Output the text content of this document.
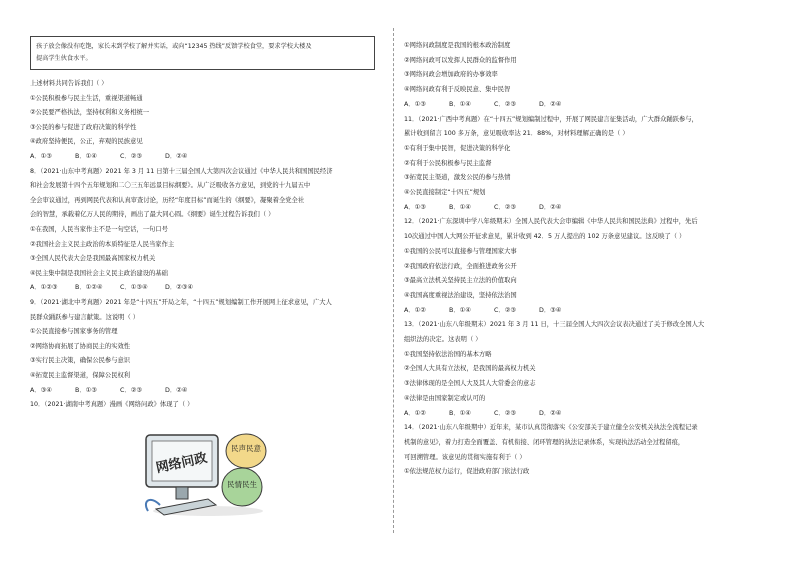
孩子放会像没有吃饱，家长未到学校了解并实话，或向“12345 热线”反馈学校食堂，要求学校大楼及
提高学生伙食水平。
上述材料共同告诉我们（ ）
①公民积极参与民主生活，重视渠道畅通
②公民要严格执法，坚持权利和义务相统一
③公民的参与促进了政府决策的科学性
④政府坚持便民，公正，弃观的民族意见
A．①③	B．①④	C．②③	D．②④
8．（2021·山东中考真题）2021 年 3 月 11 日第十三届全国人大第四次会议通过《中华人民共和国国民经济
和社会发展第十四个五年规划和二〇三五年远景目标纲要》。从广泛吸收各方意见，到党的十九届五中
全会审议通过，再到网民代表和认真审查讨论，历经“年度目标”而诞生的《纲要》，凝聚着全党全社
会的智慧，承载着亿万人民的期待，画出了最大同心圆。《纲要》诞生过程告诉我们（ ）
①在我国，人民当家作主不是一句空话，一句口号
②我国社会主义民主政治的本质特征是人民当家作主
③全国人民代表大会是我国最高国家权力机关
④民主集中制是我国社会主义民主政治建设的基础
A．①②③	B．①②④	C．①③④	D．②③④
9．（2021·湖北中考真题）2021 年是“十四五”开局之年，“十四五”规划编制工作开展网上征求意见，广大人
民群众踊跃参与建言献策。这说明（ ）
①公民直接参与国家事务的管理
②网络协商拓展了协商民主的实效性
③实行民主决策，确保公民参与意识
④拓宽民主监督渠道，保障公民权利
A．③④	B．①③	C．②③	D．②④
10．（2021·湖南中考真题）漫画《网络问政》体现了（ ）
①网络问政制度是我国的根本政治制度
②网络问政可以发挥人民群众的监督作用
③网络问政会增加政府的办事效率
④网络问政有利于反映民意、集中民智
A．①③	B．①④	C．②③	D．②④
11．（2021·广西中考真题）在“十四五”规划编制过程中，开展了网民建言征集活动，广大群众踊跃参与，
累计收到留言 100 多万条，意见吸收率达 21．88%，对材料理解正确的是（ ）
①有利于集中民智，促进决策的科学化
②有利于公民积极参与民主监督
③拓宽民主渠道，激发公民的参与热情
④公民直接制定“十四五”规划
A．①③	B．①④	C．②③	D．②④
12．（2021·广东深圳中学八年级期末）全国人民代表大会审编辑《中华人民共和国民法典》过程中，先后
10次通过中国人大网公开征求意见，累计收到 42．5 万人提出的 102 万条意见建议。这反映了（ ）
①我国的公民可以直接参与管理国家大事
②我国政府依法行政，全面推进政务公开
③最高立法机关坚持民主立法的价值取向
④我国高度重视法治建设，坚持依法治国
A．①②	B．①④	C．②③	D．③④
13．（2021·山东八年级期末）2021 年 3 月 11 日，十三届全国人大四次会议表决通过了关于修改全国人大
组织法的决定。这表明（ ）
①我国坚持依法治国的基本方略
②全国人大具有立法权，是我国的最高权力机关
③法律体现的是全国人大及其人大常委会的意志
④法律是由国家制定或认可的
A．①②	B．①④	C．②③	D．②④
14．（2021·山东八年级期中）近年来，某市认真贯彻落实《公安部关于建立健全公安机关执法全流程记录
机制的意见》，着力打造全面覆盖、有机衔接、闭环管理的执法记录体系，实现执法活动全过程留痕，
可回溯管理。该意见的贯彻实施有利于（ ）
①依法规范权力运行，促进政府部门依法行政
网络问政
民声民意
民情民生
